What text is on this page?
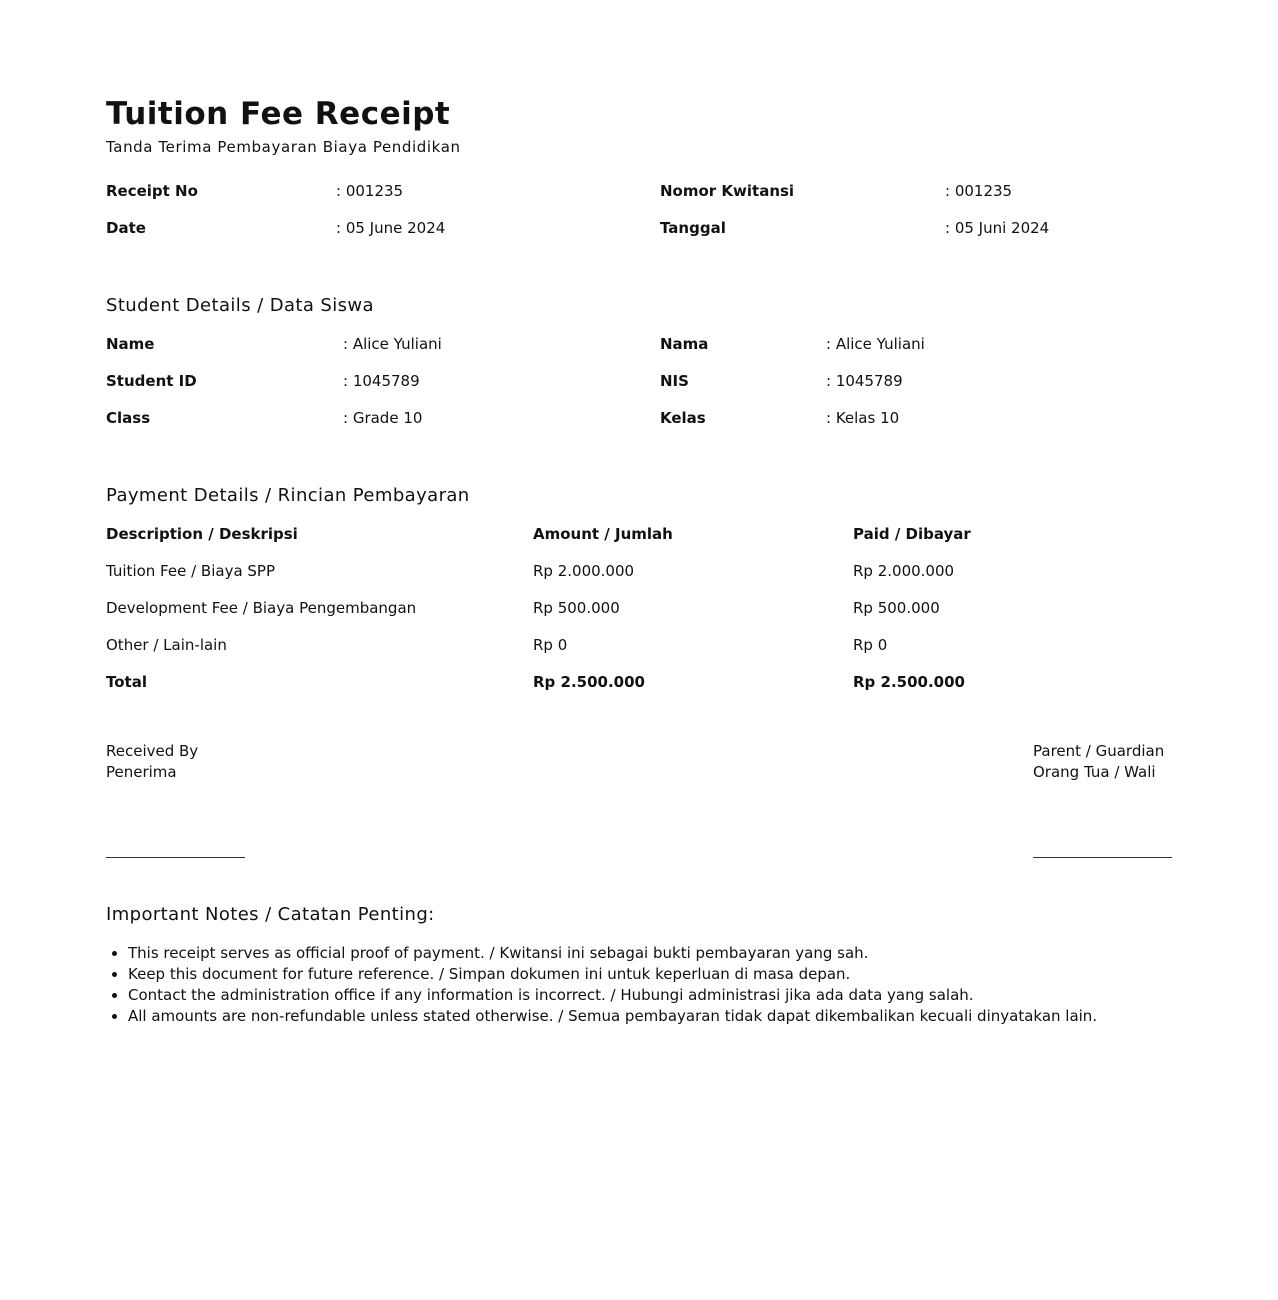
Tuition Fee Receipt
Tanda Terima Pembayaran Biaya Pendidikan
Receipt No	: 001235	Nomor Kwitansi	: 001235
Date	: 05 June 2024	Tanggal	: 05 Juni 2024
Student Details / Data Siswa
Name	: Alice Yuliani	Nama	: Alice Yuliani
Student ID	: 1045789	NIS	: 1045789
Class	: Grade 10	Kelas	: Kelas 10
Payment Details / Rincian Pembayaran
Description / Deskripsi	Amount / Jumlah	Paid / Dibayar
Tuition Fee / Biaya SPP	Rp 2.000.000	Rp 2.000.000
Development Fee / Biaya Pengembangan	Rp 500.000	Rp 500.000
Other / Lain-lain	Rp 0	Rp 0
Total	Rp 2.500.000	Rp 2.500.000
Received By
Penerima
Parent / Guardian
Orang Tua / Wali
Important Notes / Catatan Penting:
• This receipt serves as official proof of payment. / Kwitansi ini sebagai bukti pembayaran yang sah.
• Keep this document for future reference. / Simpan dokumen ini untuk keperluan di masa depan.
• Contact the administration office if any information is incorrect. / Hubungi administrasi jika ada data yang salah.
• All amounts are non-refundable unless stated otherwise. / Semua pembayaran tidak dapat dikembalikan kecuali dinyatakan lain.
